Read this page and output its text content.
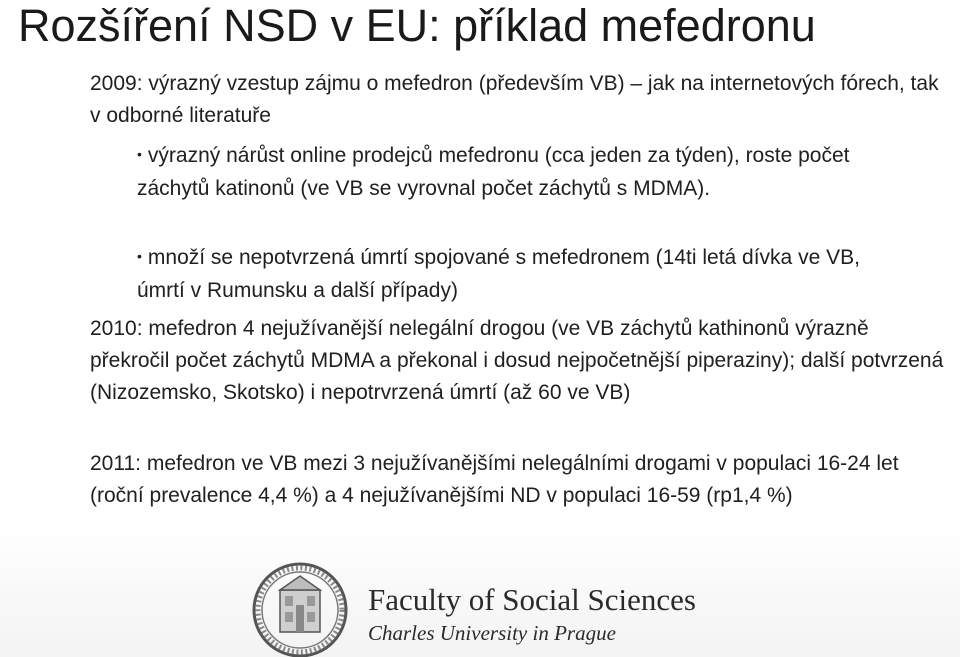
Rozšíření NSD v EU: příklad mefedronu

2009: výrazný vzestup zájmu o mefedron (především VB) – jak na internetových fórech, tak v odborné literatuře

• výrazný nárůst online prodejců mefedronu (cca jeden za týden), roste počet záchytů katinonů (ve VB se vyrovnal počet záchytů s MDMA).

• množí se nepotvrzená úmrtí spojované s mefedronem (14ti letá dívka ve VB, úmrtí v Rumunsku a další případy)

2010: mefedron 4 nejužívanější nelegální drogou (ve VB záchytů kathinonů výrazně překročil počet záchytů MDMA a překonal i dosud nejpočetnější piperaziny); další potvrzená (Nizozemsko, Skotsko) i nepotrvrzená úmrtí (až 60 ve VB)

2011: mefedron ve VB mezi 3 nejužívanějšími nelegálními drogami v populaci 16-24 let (roční prevalence 4,4 %) a 4 nejužívanějšími ND v populaci 16-59 (rp1,4 %)

Faculty of Social Sciences
Charles University in Prague
